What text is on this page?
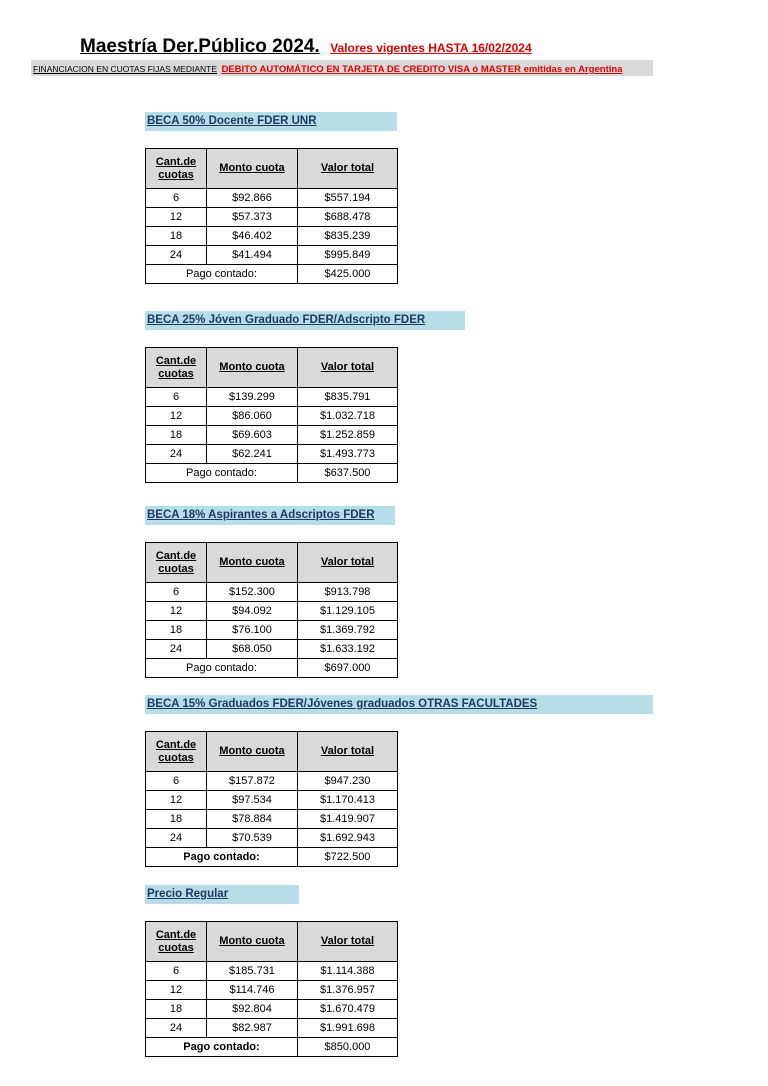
Maestría Der.Público 2024. Valores vigentes HASTA 16/02/2024
FINANCIACION EN CUOTAS FIJAS MEDIANTE DEBITO AUTOMÁTICO EN TARJETA DE CREDITO VISA ó MASTER emitidas en Argentina
BECA 50% Docente FDER UNR
Cant.de cuotas	Monto cuota	Valor total
6	$92.866	$557.194
12	$57.373	$688.478
18	$46.402	$835.239
24	$41.494	$995.849
Pago contado:		$425.000
BECA 25% Jóven Graduado FDER/Adscripto FDER
Cant.de cuotas	Monto cuota	Valor total
6	$139.299	$835.791
12	$86.060	$1.032.718
18	$69.603	$1.252.859
24	$62.241	$1.493.773
Pago contado:		$637.500
BECA 18% Aspirantes a Adscriptos FDER
Cant.de cuotas	Monto cuota	Valor total
6	$152.300	$913.798
12	$94.092	$1.129.105
18	$76.100	$1.369.792
24	$68.050	$1.633.192
Pago contado:		$697.000
BECA 15% Graduados FDER/Jóvenes graduados OTRAS FACULTADES
Cant.de cuotas	Monto cuota	Valor total
6	$157.872	$947.230
12	$97.534	$1.170.413
18	$78.884	$1.419.907
24	$70.539	$1.692.943
Pago contado:		$722.500
Precio Regular
Cant.de cuotas	Monto cuota	Valor total
6	$185.731	$1.114.388
12	$114.746	$1.376.957
18	$92.804	$1.670.479
24	$82.987	$1.991.698
Pago contado:		$850.000
